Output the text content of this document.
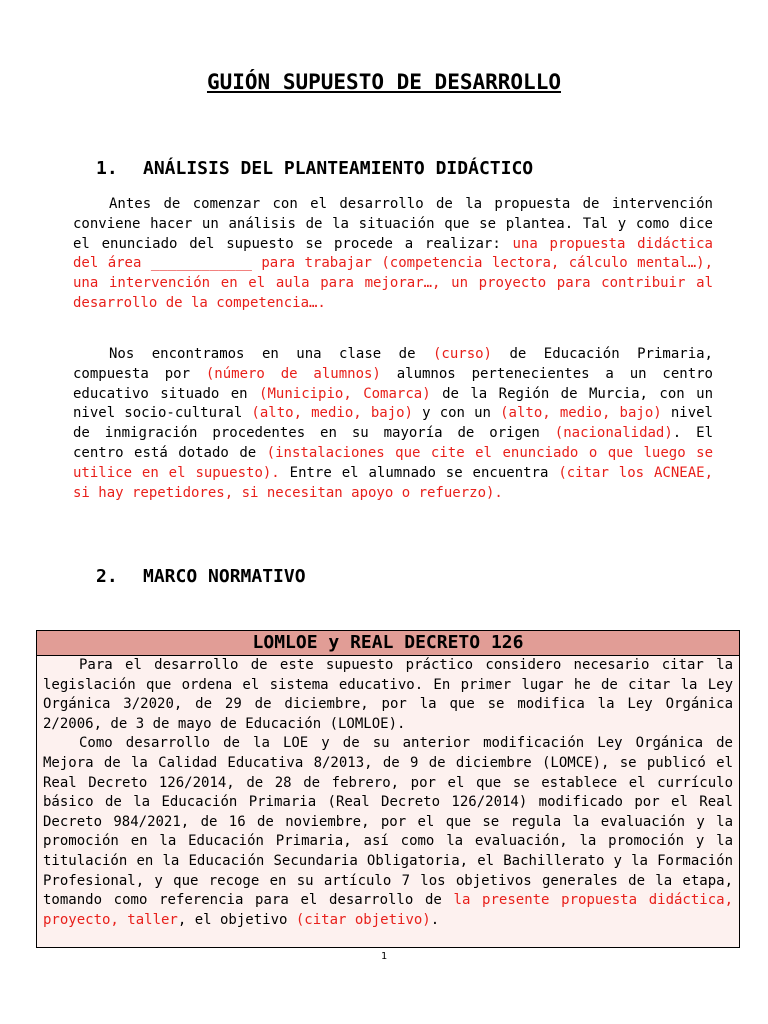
GUIÓN SUPUESTO DE DESARROLLO
1. ANÁLISIS DEL PLANTEAMIENTO DIDÁCTICO

Antes de comenzar con el desarrollo de la propuesta de intervención conviene hacer un análisis de la situación que se plantea. Tal y como dice el enunciado del supuesto se procede a realizar: una propuesta didáctica del área ____________ para trabajar (competencia lectora, cálculo mental…), una intervención en el aula para mejorar…, un proyecto para contribuir al desarrollo de la competencia….

Nos encontramos en una clase de (curso) de Educación Primaria, compuesta por (número de alumnos) alumnos pertenecientes a un centro educativo situado en (Municipio, Comarca) de la Región de Murcia, con un nivel socio-cultural (alto, medio, bajo) y con un (alto, medio, bajo) nivel de inmigración procedentes en su mayoría de origen (nacionalidad). El centro está dotado de (instalaciones que cite el enunciado o que luego se utilice en el supuesto). Entre el alumnado se encuentra (citar los ACNEAE, si hay repetidores, si necesitan apoyo o refuerzo).

2. MARCO NORMATIVO
LOMLOE y REAL DECRETO 126

Para el desarrollo de este supuesto práctico considero necesario citar la legislación que ordena el sistema educativo. En primer lugar he de citar la Ley Orgánica 3/2020, de 29 de diciembre, por la que se modifica la Ley Orgánica 2/2006, de 3 de mayo de Educación (LOMLOE).

Como desarrollo de la LOE y de su anterior modificación Ley Orgánica de Mejora de la Calidad Educativa 8/2013, de 9 de diciembre (LOMCE), se publicó el Real Decreto 126/2014, de 28 de febrero, por el que se establece el currículo básico de la Educación Primaria (Real Decreto 126/2014) modificado por el Real Decreto 984/2021, de 16 de noviembre, por el que se regula la evaluación y la promoción en la Educación Primaria, así como la evaluación, la promoción y la titulación en la Educación Secundaria Obligatoria, el Bachillerato y la Formación Profesional, y que recoge en su artículo 7 los objetivos generales de la etapa, tomando como referencia para el desarrollo de la presente propuesta didáctica, proyecto, taller, el objetivo (citar objetivo).

1
